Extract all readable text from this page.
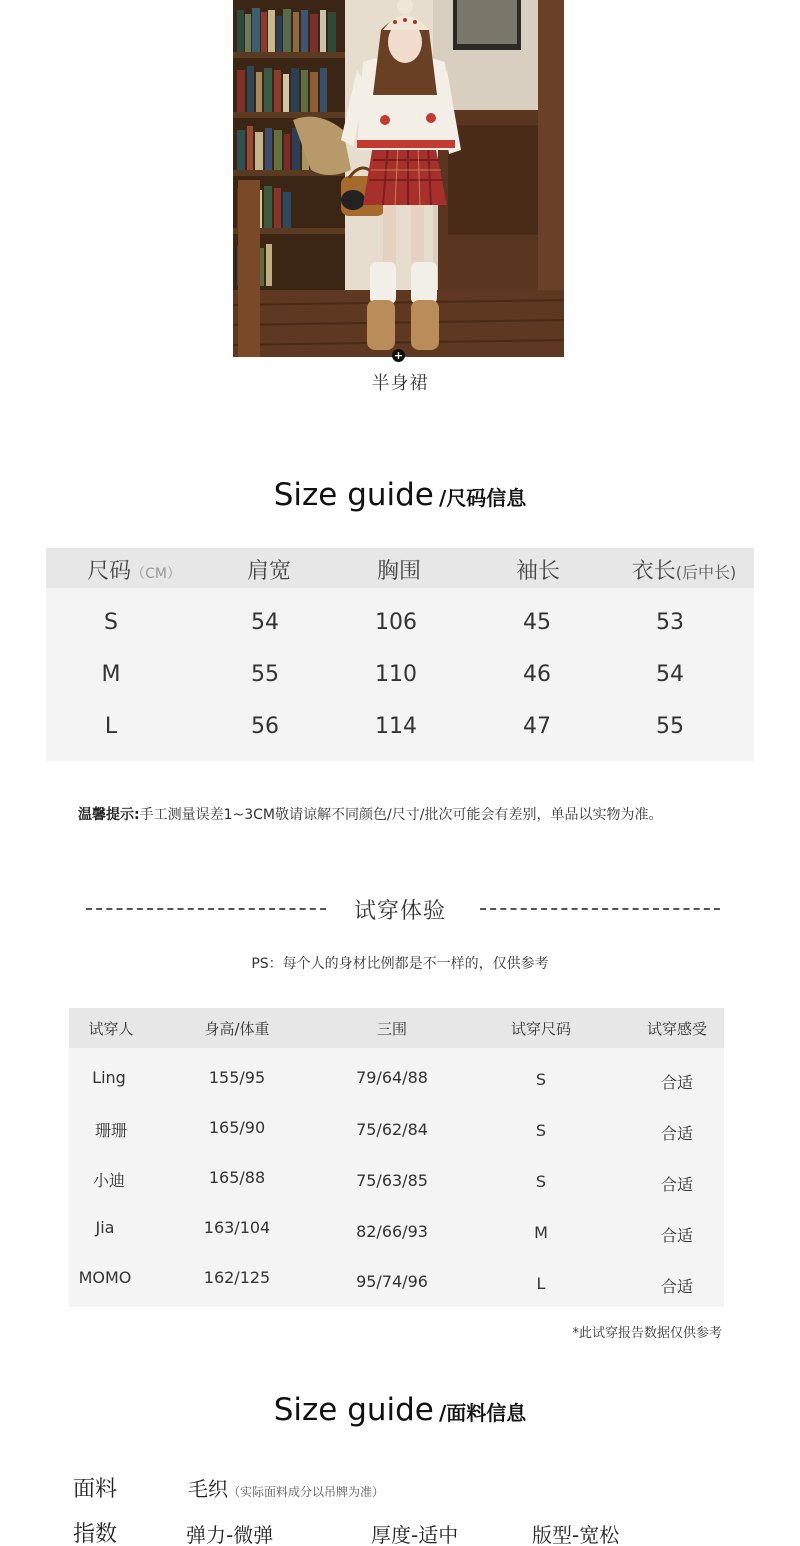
+
半身裙
Size guide /尺码信息
尺码（CM）	肩宽	胸围	袖长	衣长(后中长)
S	54	106	45	53
M	55	110	46	54
L	56	114	47	55
温馨提示:手工测量误差1~3CM敬请谅解不同颜色/尺寸/批次可能会有差别，单品以实物为准。
试穿体验
PS：每个人的身材比例都是不一样的，仅供参考
试穿人	身高/体重	三围	试穿尺码	试穿感受
Ling	155/95	79/64/88	S	合适
珊珊	165/90	75/62/84	S	合适
小迪	165/88	75/63/85	S	合适
Jia	163/104	82/66/93	M	合适
MOMO	162/125	95/74/96	L	合适
*此试穿报告数据仅供参考
Size guide /面料信息
面料	毛织（实际面料成分以吊牌为准）
指数	弹力-微弹	厚度-适中	版型-宽松
